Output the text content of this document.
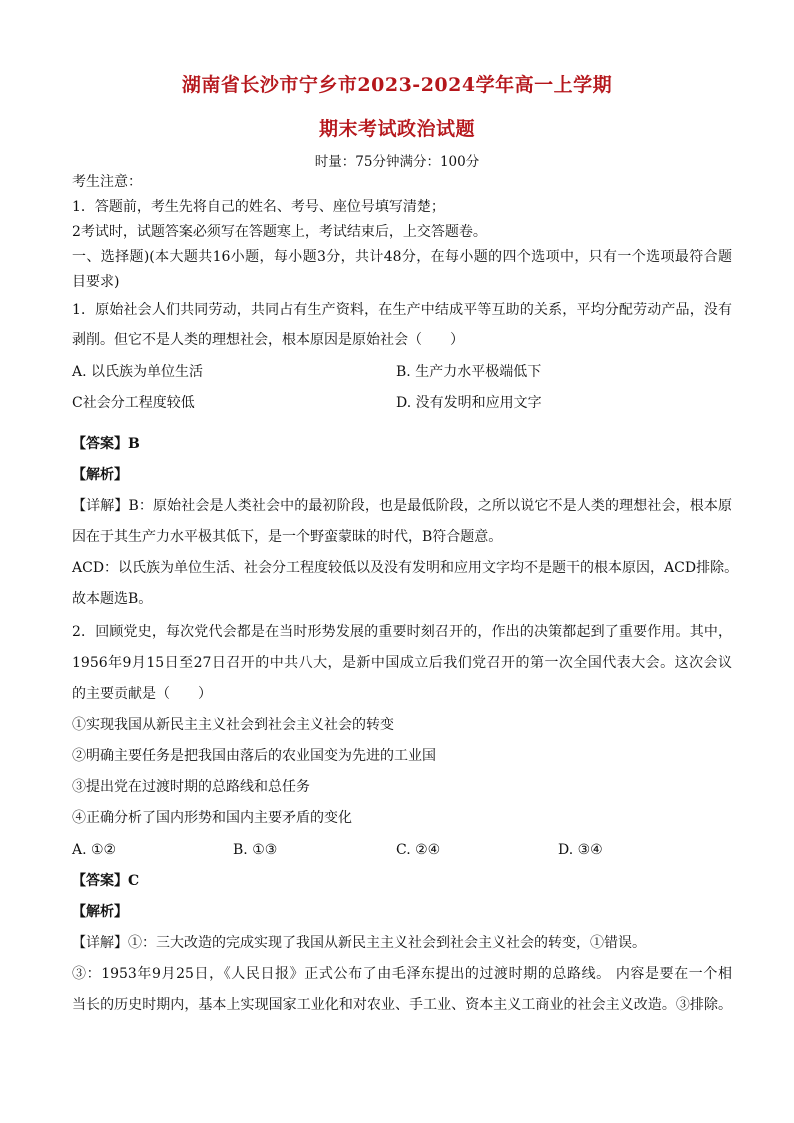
湖南省长沙市宁乡市2023-2024学年高一上学期
期末考试政治试题
时量：75分钟满分：100分
考生注意：
1．答题前，考生先将自己的姓名、考号、座位号填写清楚；
2考试时，试题答案必须写在答题寒上，考试结束后，上交答题卷。
一、选择题)(本大题共16小题，每小题3分，共计48分，在每小题的四个选项中，只有一个选项最符合题
目要求)
1．原始社会人们共同劳动，共同占有生产资料，在生产中结成平等互助的关系，平均分配劳动产品，没有
剥削。但它不是人类的理想社会，根本原因是原始社会（　　）
A. 以氏族为单位生活	B. 生产力水平极端低下
C社会分工程度较低	D. 没有发明和应用文字
【答案】B
【解析】
【详解】B：原始社会是人类社会中的最初阶段，也是最低阶段，之所以说它不是人类的理想社会，根本原
因在于其生产力水平极其低下，是一个野蛮蒙昧的时代，B符合题意。
ACD：以氏族为单位生活、社会分工程度较低以及没有发明和应用文字均不是题干的根本原因，ACD排除。
故本题选B。
2．回顾党史，每次党代会都是在当时形势发展的重要时刻召开的，作出的决策都起到了重要作用。其中，
1956年9月15日至27日召开的中共八大，是新中国成立后我们党召开的第一次全国代表大会。这次会议
的主要贡献是（　　）
①实现我国从新民主主义社会到社会主义社会的转变
②明确主要任务是把我国由落后的农业国变为先进的工业国
③提出党在过渡时期的总路线和总任务
④正确分析了国内形势和国内主要矛盾的变化
A. ①②	B. ①③	C. ②④	D. ③④
【答案】C
【解析】
【详解】①：三大改造的完成实现了我国从新民主主义社会到社会主义社会的转变，①错误。
③：1953年9月25日，《人民日报》正式公布了由毛泽东提出的过渡时期的总路线。 内容是要在一个相
当长的历史时期内，基本上实现国家工业化和对农业、手工业、资本主义工商业的社会主义改造。③排除。
